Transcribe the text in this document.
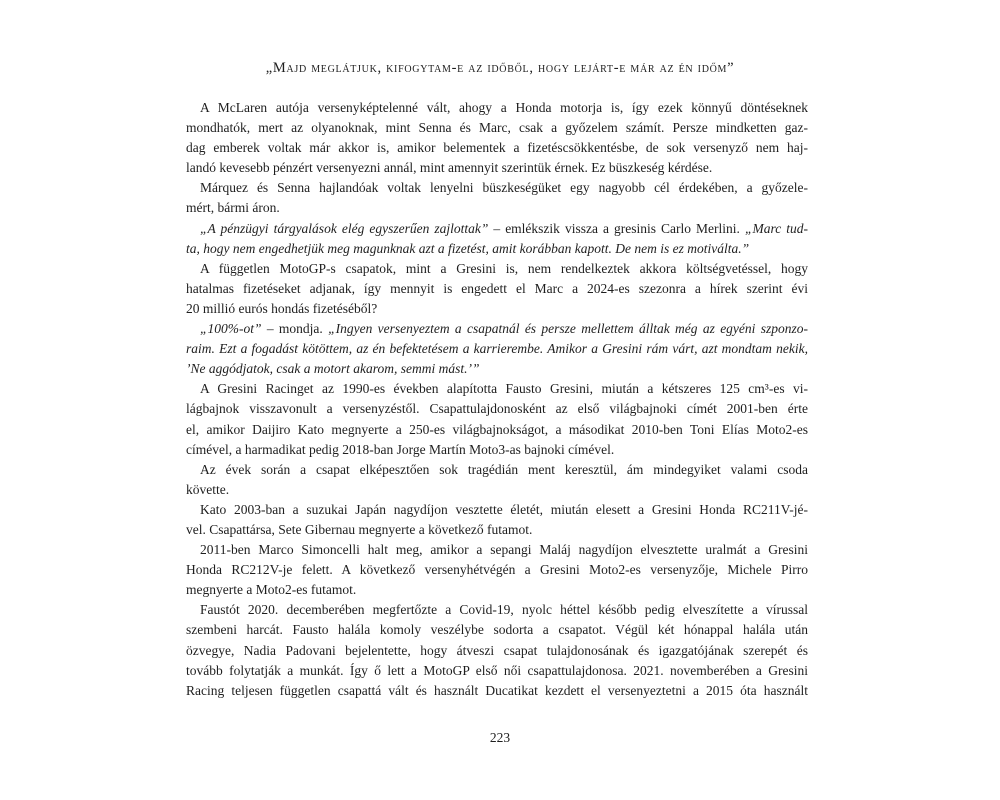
„Majd meglátjuk, kifogytam-e az időből, hogy lejárt-e már az én időm”
A McLaren autója versenyképtelenné vált, ahogy a Honda motorja is, így ezek könnyű döntéseknek
mondhatók, mert az olyanoknak, mint Senna és Marc, csak a győzelem számít. Persze mindketten gaz-
dag emberek voltak már akkor is, amikor belementek a fizetéscsökkentésbe, de sok versenyző nem haj-
landó kevesebb pénzért versenyezni annál, mint amennyit szerintük érnek. Ez büszkeség kérdése.
Márquez és Senna hajlandóak voltak lenyelni büszkeségüket egy nagyobb cél érdekében, a győzele-
mért, bármi áron.
„A pénzügyi tárgyalások elég egyszerűen zajlottak” – emlékszik vissza a gresinis Carlo Merlini. „Marc tud-
ta, hogy nem engedhetjük meg magunknak azt a fizetést, amit korábban kapott. De nem is ez motiválta.”
A független MotoGP-s csapatok, mint a Gresini is, nem rendelkeztek akkora költségvetéssel, hogy
hatalmas fizetéseket adjanak, így mennyit is engedett el Marc a 2024-es szezonra a hírek szerint évi
20 millió eurós hondás fizetéséből?
„100%-ot” – mondja. „Ingyen versenyeztem a csapatnál és persze mellettem álltak még az egyéni szponzo-
raim. Ezt a fogadást kötöttem, az én befektetésem a karrierembe. Amikor a Gresini rám várt, azt mondtam nekik,
’Ne aggódjatok, csak a motort akarom, semmi mást.’”
A Gresini Racinget az 1990-es években alapította Fausto Gresini, miután a kétszeres 125 cm³-es vi-
lágbajnok visszavonult a versenyzéstől. Csapattulajdonosként az első világbajnoki címét 2001-ben érte
el, amikor Daijiro Kato megnyerte a 250-es világbajnokságot, a másodikat 2010-ben Toni Elías Moto2-es
címével, a harmadikat pedig 2018-ban Jorge Martín Moto3-as bajnoki címével.
Az évek során a csapat elképesztően sok tragédián ment keresztül, ám mindegyiket valami csoda
követte.
Kato 2003-ban a suzukai Japán nagydíjon vesztette életét, miután elesett a Gresini Honda RC211V-jé-
vel. Csapattársa, Sete Gibernau megnyerte a következő futamot.
2011-ben Marco Simoncelli halt meg, amikor a sepangi Maláj nagydíjon elvesztette uralmát a Gresini
Honda RC212V-je felett. A következő versenyhétvégén a Gresini Moto2-es versenyzője, Michele Pirro
megnyerte a Moto2-es futamot.
Faustót 2020. decemberében megfertőzte a Covid-19, nyolc héttel később pedig elveszítette a vírussal
szembeni harcát. Fausto halála komoly veszélybe sodorta a csapatot. Végül két hónappal halála után
özvegye, Nadia Padovani bejelentette, hogy átveszi csapat tulajdonosának és igazgatójának szerepét és
tovább folytatják a munkát. Így ő lett a MotoGP első női csapattulajdonosa. 2021. novemberében a Gresini
Racing teljesen független csapattá vált és használt Ducatikat kezdett el versenyeztetni a 2015 óta használt
223
